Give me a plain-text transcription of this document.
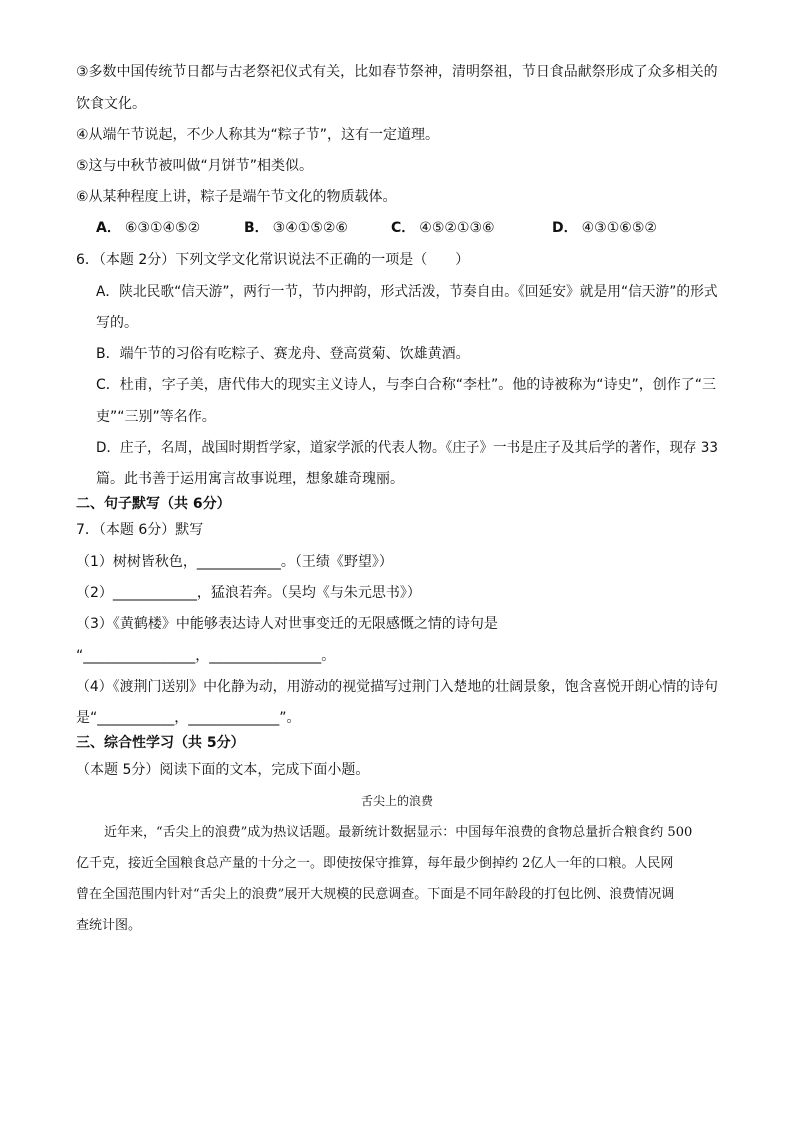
③多数中国传统节日都与古老祭祀仪式有关，比如春节祭神，清明祭祖，节日食品献祭形成了众多相关的
饮食文化。
④从端午节说起，不少人称其为“粽子节”，这有一定道理。
⑤这与中秋节被叫做“月饼节”相类似。
⑥从某种程度上讲，粽子是端午节文化的物质载体。
A． ⑥③①④⑤②	B． ③④①⑤②⑥	C． ④⑤②①③⑥	D． ④③①⑥⑤②
6．（本题 2分）下列文学文化常识说法不正确的一项是（　　）
A．陕北民歌“信天游”，两行一节，节内押韵，形式活泼，节奏自由。《回延安》就是用“信天游”的形式
写的。
B．端午节的习俗有吃粽子、赛龙舟、登高赏菊、饮雄黄酒。
C．杜甫，字子美，唐代伟大的现实主义诗人，与李白合称“李杜”。他的诗被称为“诗史”，创作了“三
吏”“三别”等名作。
D．庄子，名周，战国时期哲学家，道家学派的代表人物。《庄子》一书是庄子及其后学的著作，现存 33
篇。此书善于运用寓言故事说理，想象雄奇瑰丽。
二、句子默写（共 6分）
7．（本题 6分）默写
（1）树树皆秋色，____________。（王绩《野望》）
（2）____________，猛浪若奔。（吴均《与朱元思书》）
（3）《黄鹤楼》中能够表达诗人对世事变迁的无限感慨之情的诗句是
“________________，________________。
（4）《渡荆门送别》中化静为动，用游动的视觉描写过荆门入楚地的壮阔景象，饱含喜悦开朗心情的诗句
是“___________，_____________”。
三、综合性学习（共 5分）
（本题 5分）阅读下面的文本，完成下面小题。
舌尖上的浪费
近年来，“舌尖上的浪费”成为热议话题。最新统计数据显示：中国每年浪费的食物总量折合粮食约 500
亿千克，接近全国粮食总产量的十分之一。即使按保守推算，每年最少倒掉约 2亿人一年的口粮。人民网
曾在全国范围内针对“舌尖上的浪费”展开大规模的民意调查。下面是不同年龄段的打包比例、浪费情况调
查统计图。
